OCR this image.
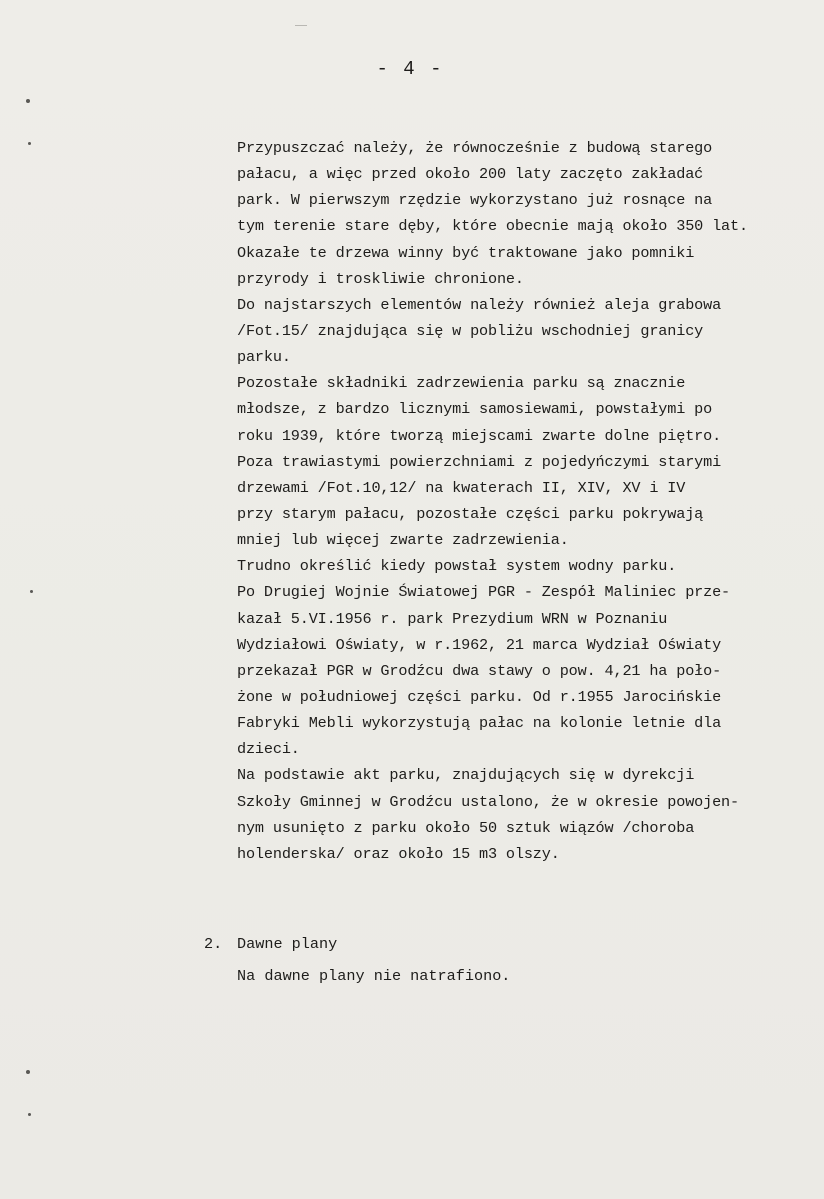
- 4 -
Przypuszczać należy, że równocześnie z budową starego
pałacu, a więc przed około 200 laty zaczęto zakładać
park. W pierwszym rzędzie wykorzystano już rosnące na
tym terenie stare dęby, które obecnie mają około 350 lat.
Okazałe te drzewa winny być traktowane jako pomniki
przyrody i troskliwie chronione.
Do najstarszych elementów należy również aleja grabowa
/Fot.15/ znajdująca się w pobliżu wschodniej granicy
parku.
Pozostałe składniki zadrzewienia parku są znacznie
młodsze, z bardzo licznymi samosiewami, powstałymi po
roku 1939, które tworzą miejscami zwarte dolne piętro.
Poza trawiastymi powierzchniami z pojedyńczymi starymi
drzewami /Fot.10,12/ na kwaterach II, XIV, XV i IV
przy starym pałacu, pozostałe części parku pokrywają
mniej lub więcej zwarte zadrzewienia.
Trudno określić kiedy powstał system wodny parku.
Po Drugiej Wojnie Światowej PGR - Zespół Maliniec prze-
kazał 5.VI.1956 r. park Prezydium WRN w Poznaniu
Wydziałowi Oświaty, w r.1962, 21 marca Wydział Oświaty
przekazał PGR w Grodźcu dwa stawy o pow. 4,21 ha poło-
żone w południowej części parku. Od r.1955 Jarocińskie
Fabryki Mebli wykorzystują pałac na kolonie letnie dla
dzieci.
Na podstawie akt parku, znajdujących się w dyrekcji
Szkoły Gminnej w Grodźcu ustalono, że w okresie powojen-
nym usunięto z parku około 50 sztuk wiązów /choroba
holenderska/ oraz około 15 m3 olszy.
2. Dawne plany
Na dawne plany nie natrafiono.
